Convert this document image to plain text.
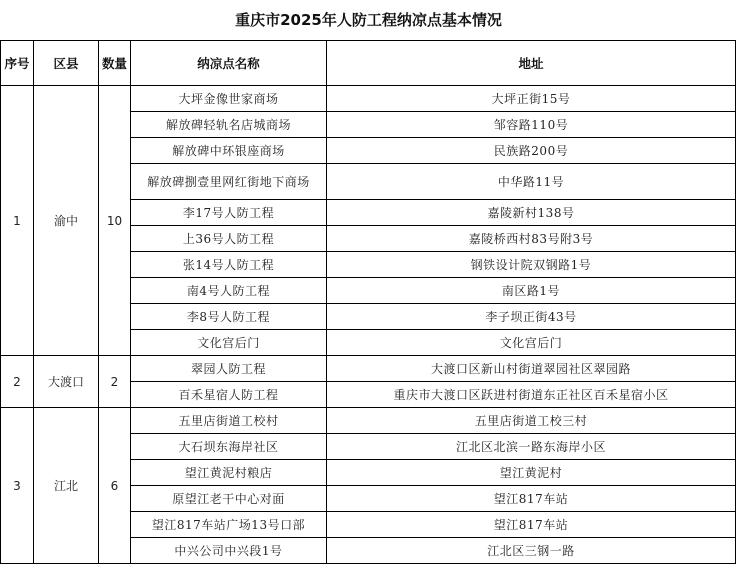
重庆市2025年人防工程纳凉点基本情况
序号	区县	数量	纳凉点名称	地址
1	渝中	10	大坪金像世家商场	大坪正街15号
			解放碑轻轨名店城商场	邹容路110号
			解放碑中环银座商场	民族路200号
			解放碑捌壹里网红街地下商场	中华路11号
			李17号人防工程	嘉陵新村138号
			上36号人防工程	嘉陵桥西村83号附3号
			张14号人防工程	钢铁设计院双钢路1号
			南4号人防工程	南区路1号
			李8号人防工程	李子坝正街43号
			文化宫后门	文化宫后门
2	大渡口	2	翠园人防工程	大渡口区新山村街道翠园社区翠园路
			百禾星宿人防工程	重庆市大渡口区跃进村街道东正社区百禾星宿小区
3	江北	6	五里店街道工校村	五里店街道工校三村
			大石坝东海岸社区	江北区北滨一路东海岸小区
			望江黄泥村粮店	望江黄泥村
			原望江老干中心对面	望江817车站
			望江817车站广场13号口部	望江817车站
			中兴公司中兴段1号	江北区三钢一路
